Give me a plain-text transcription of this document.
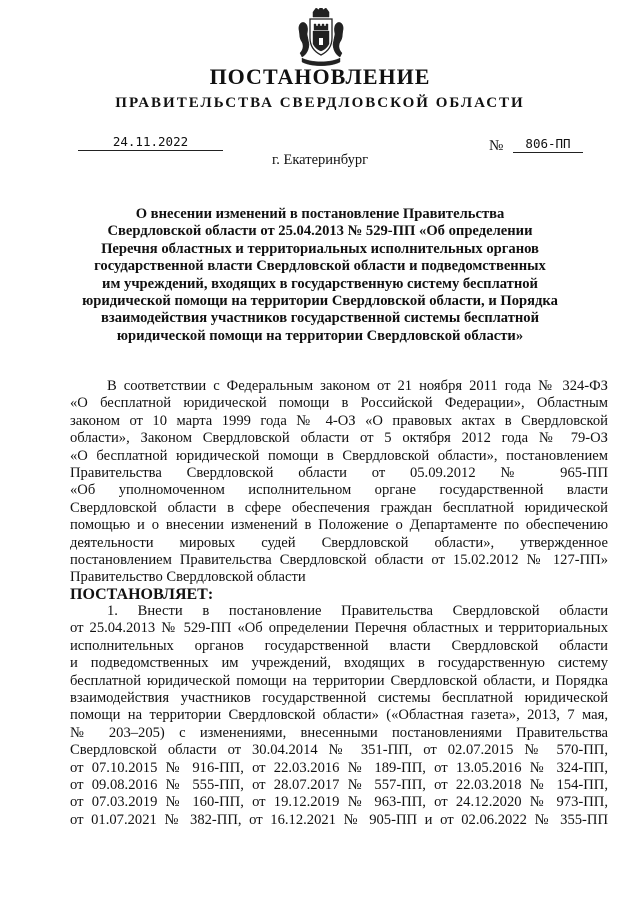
ПОСТАНОВЛЕНИЕ
ПРАВИТЕЛЬСТВА СВЕРДЛОВСКОЙ ОБЛАСТИ
24.11.2022	№	806-ПП
г. Екатеринбург
О внесении изменений в постановление Правительства
Свердловской области от 25.04.2013 № 529-ПП «Об определении
Перечня областных и территориальных исполнительных органов
государственной власти Свердловской области и подведомственных
им учреждений, входящих в государственную систему бесплатной
юридической помощи на территории Свердловской области, и Порядка
взаимодействия участников государственной системы бесплатной
юридической помощи на территории Свердловской области»
В соответствии с Федеральным законом от 21 ноября 2011 года № 324-ФЗ
«О бесплатной юридической помощи в Российской Федерации», Областным
законом от 10 марта 1999 года № 4-ОЗ «О правовых актах в Свердловской
области», Законом Свердловской области от 5 октября 2012 года № 79-ОЗ
«О бесплатной юридической помощи в Свердловской области», постановлением
Правительства Свердловской области от 05.09.2012 № 965-ПП
«Об уполномоченном исполнительном органе государственной власти
Свердловской области в сфере обеспечения граждан бесплатной юридической
помощью и о внесении изменений в Положение о Департаменте по обеспечению
деятельности мировых судей Свердловской области», утвержденное
постановлением Правительства Свердловской области от 15.02.2012 № 127-ПП»
Правительство Свердловской области
ПОСТАНОВЛЯЕТ:
1. Внести в постановление Правительства Свердловской области
от 25.04.2013 № 529-ПП «Об определении Перечня областных и территориальных
исполнительных органов государственной власти Свердловской области
и подведомственных им учреждений, входящих в государственную систему
бесплатной юридической помощи на территории Свердловской области, и Порядка
взаимодействия участников государственной системы бесплатной юридической
помощи на территории Свердловской области» («Областная газета», 2013, 7 мая,
№ 203–205) с изменениями, внесенными постановлениями Правительства
Свердловской области от 30.04.2014 № 351-ПП, от 02.07.2015 № 570-ПП,
от 07.10.2015 № 916-ПП, от 22.03.2016 № 189-ПП, от 13.05.2016 № 324-ПП,
от 09.08.2016 № 555-ПП, от 28.07.2017 № 557-ПП, от 22.03.2018 № 154-ПП,
от 07.03.2019 № 160-ПП, от 19.12.2019 № 963-ПП, от 24.12.2020 № 973-ПП,
от 01.07.2021 № 382-ПП, от 16.12.2021 № 905-ПП и от 02.06.2022 № 355-ПП
